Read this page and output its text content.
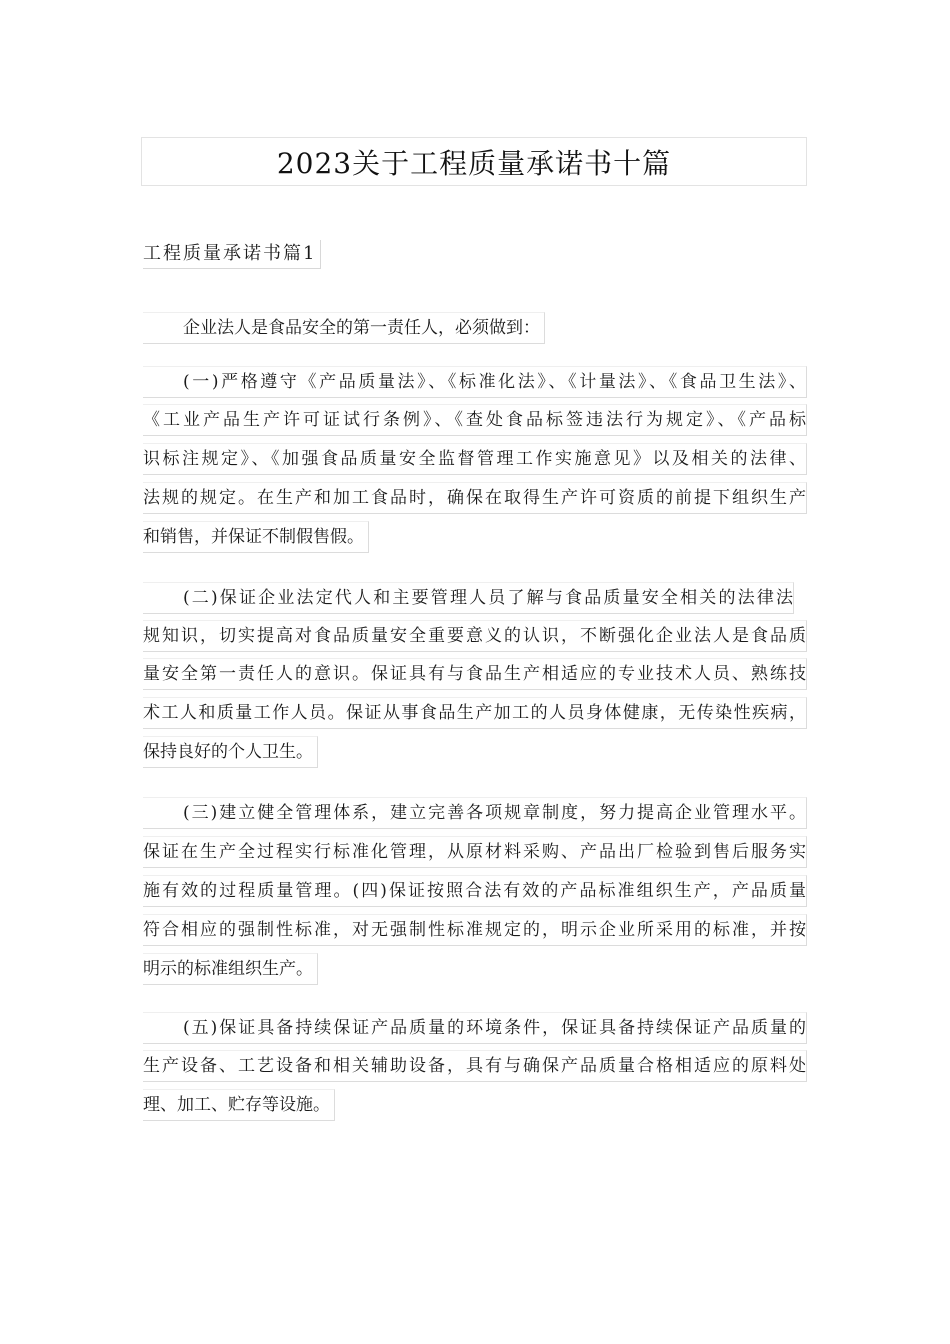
2023关于工程质量承诺书十篇
工程质量承诺书篇1
企业法人是食品安全的第一责任人，必须做到：
(一)严格遵守《产品质量法》、《标准化法》、《计量法》、《食品卫生法》、
《工业产品生产许可证试行条例》、《查处食品标签违法行为规定》、《产品标
识标注规定》、《加强食品质量安全监督管理工作实施意见》以及相关的法律、
法规的规定。在生产和加工食品时，确保在取得生产许可资质的前提下组织生产
和销售，并保证不制假售假。
(二)保证企业法定代人和主要管理人员了解与食品质量安全相关的法律法
规知识，切实提高对食品质量安全重要意义的认识，不断强化企业法人是食品质
量安全第一责任人的意识。保证具有与食品生产相适应的专业技术人员、熟练技
术工人和质量工作人员。保证从事食品生产加工的人员身体健康，无传染性疾病，
保持良好的个人卫生。
(三)建立健全管理体系，建立完善各项规章制度，努力提高企业管理水平。
保证在生产全过程实行标准化管理，从原材料采购、产品出厂检验到售后服务实
施有效的过程质量管理。(四)保证按照合法有效的产品标准组织生产，产品质量
符合相应的强制性标准，对无强制性标准规定的，明示企业所采用的标准，并按
明示的标准组织生产。
(五)保证具备持续保证产品质量的环境条件，保证具备持续保证产品质量的
生产设备、工艺设备和相关辅助设备，具有与确保产品质量合格相适应的原料处
理、加工、贮存等设施。
